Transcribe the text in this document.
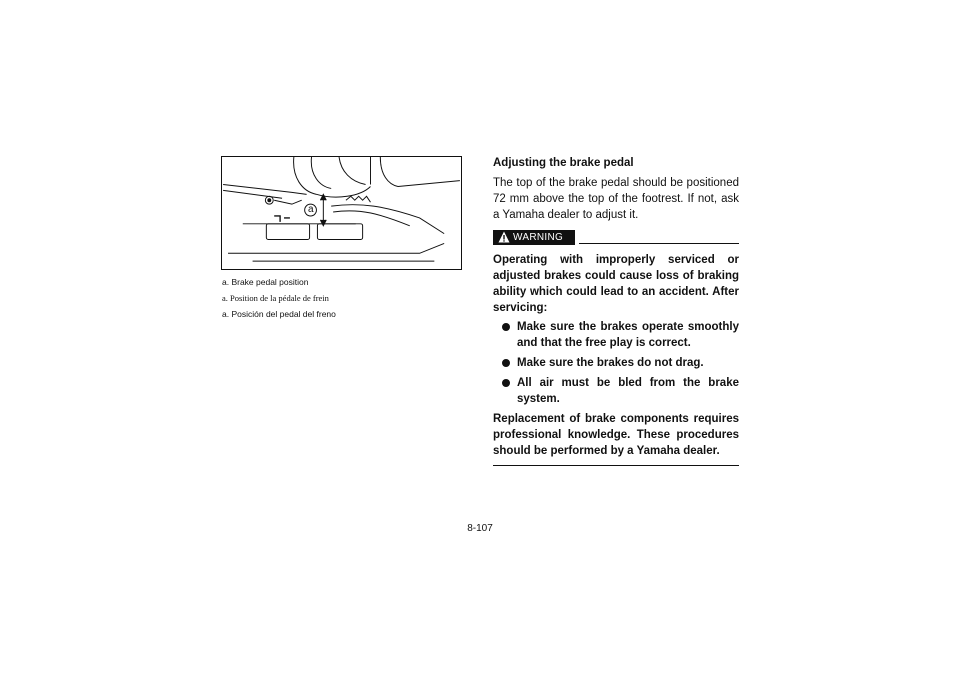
a
a. Brake pedal position
a. Position de la pédale de frein
a. Posición del pedal del freno
Adjusting the brake pedal

The top of the brake pedal should be positioned 72 mm above the top of the footrest. If not, ask a Yamaha dealer to adjust it.

WARNING

Operating with improperly serviced or adjusted brakes could cause loss of braking ability which could lead to an accident. After servicing:

Make sure the brakes operate smoothly and that the free play is correct.
Make sure the brakes do not drag.
All air must be bled from the brake system.

Replacement of brake components requires professional knowledge. These procedures should be performed by a Yamaha dealer.

8-107
